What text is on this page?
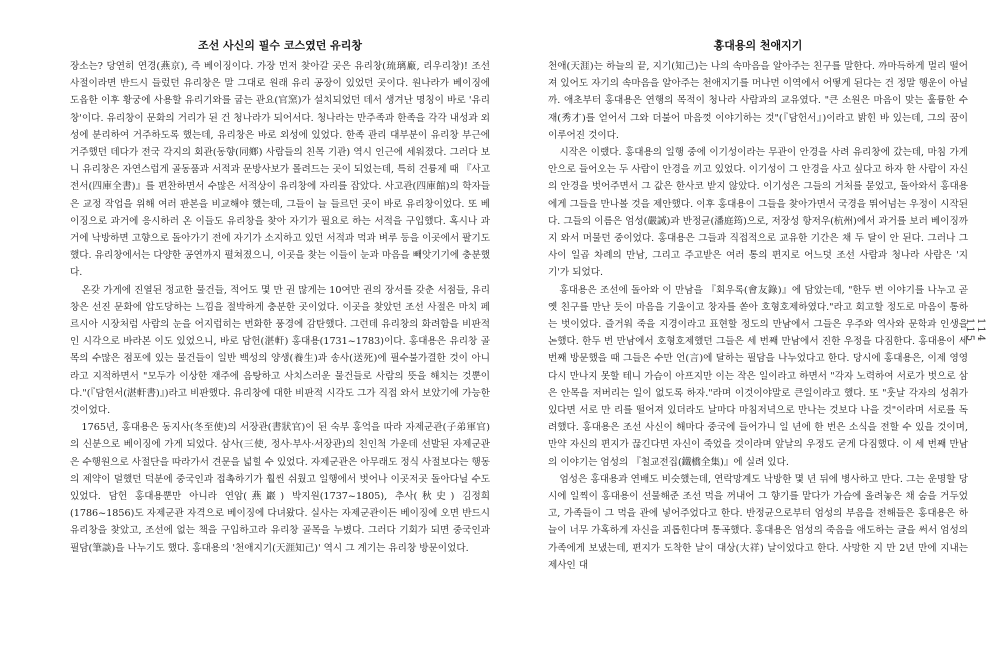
조선 사신의 필수 코스였던 유리창

장소는? 당연히 연경(燕京), 즉 베이징이다. 가장 먼저 찾아갈 곳은 유리창(琉璃廠, 리우리창)! 조선 사절이라면 반드시 들렀던 유리창은 말 그대로 원래 유리 공장이 있었던 곳이다. 원나라가 베이징에 도읍한 이후 황궁에 사용할 유리기와를 굽는 관요(官窯)가 설치되었던 데서 생겨난 명칭이 바로 '유리창'이다. 유리창이 문화의 거리가 된 건 청나라가 되어서다. 청나라는 만주족과 한족을 각각 내성과 외성에 분리하여 거주하도록 했는데, 유리창은 바로 외성에 있었다. 한족 관리 대부분이 유리창 부근에 거주했던 데다가 전국 각지의 회관(동향(同鄉) 사람들의 친목 기관) 역시 인근에 세워졌다. 그러다 보니 유리창은 자연스럽게 골동품과 서적과 문방사보가 몰려드는 곳이 되었는데, 특히 건륭제 때 『사고전서(四庫全書)』를 편찬하면서 수많은 서적상이 유리창에 자리를 잡았다. 사고관(四庫館)의 학자들은 교정 작업을 위해 여러 판본을 비교해야 했는데, 그들이 늘 들르던 곳이 바로 유리창이었다. 또 베이징으로 과거에 응시하러 온 이들도 유리창을 찾아 자기가 필요로 하는 서적을 구입했다. 혹시나 과거에 낙방하면 고향으로 돌아가기 전에 자기가 소지하고 있던 서적과 먹과 벼루 등을 이곳에서 팔기도 했다. 유리창에서는 다양한 공연까지 펼쳐졌으니, 이곳을 찾는 이들이 눈과 마음을 빼앗기기에 충분했다.

온갖 가게에 진열된 정교한 물건들, 적어도 몇 만 권 많게는 10여만 권의 장서를 갖춘 서점들, 유리창은 선진 문화에 압도당하는 느낌을 절박하게 충분한 곳이었다. 이곳을 찾았던 조선 사절은 마치 페르시아 시장처럼 사람의 눈을 어지럽히는 번화한 풍경에 감탄했다. 그런데 유리창의 화려함을 비판적인 시각으로 바라본 이도 있었으니, 바로 담헌(湛軒) 홍대용(1731~1783)이다. 홍대용은 유리창 골목의 수많은 점포에 있는 물건들이 일반 백성의 양생(養生)과 송사(送死)에 필수불가결한 것이 아니라고 지적하면서 "모두가 이상한 재주에 음탕하고 사치스러운 물건들로 사람의 뜻을 해치는 것뿐이다."(『담헌서(湛軒書)』)라고 비판했다. 유리창에 대한 비판적 시각도 그가 직접 와서 보았기에 가능한 것이었다.

1765년, 홍대용은 동지사(冬至使)의 서장관(書狀官)이 된 숙부 홍억을 따라 자제군관(子弟軍官)의 신분으로 베이징에 가게 되었다. 삼사(三使, 정사·부사·서장관)의 친인척 가운데 선발된 자제군관은 수행원으로 사절단을 따라가서 견문을 넓힐 수 있었다. 자제군관은 아무래도 정식 사절보다는 행동의 제약이 덜했던 덕분에 중국인과 접촉하기가 훨씬 쉬웠고 일행에서 벗어나 이곳저곳 돌아다닐 수도 있었다. 담헌 홍대용뿐만 아니라 연암(燕巖) 박지원(1737~1805), 추사(秋史) 김정희(1786~1856)도 자제군관 자격으로 베이징에 다녀왔다. 실사는 자제군관이든 베이징에 오면 반드시 유리창을 찾았고, 조선에 없는 책을 구입하고라 유리창 골목을 누볐다. 그러다 기회가 되면 중국인과 필담(筆談)을 나누기도 했다. 홍대용의 '천애지기(天涯知己)' 역시 그 계기는 유리창 방문이었다.

홍대용의 천애지기

천애(天涯)는 하늘의 끝, 지기(知己)는 나의 속마음을 알아주는 친구를 말한다. 까마득하게 멀리 떨어져 있어도 자기의 속마음을 알아주는 천애지기를 머나먼 이역에서 어떻게 된다는 건 정말 행운이 아닐까. 애초부터 홍대용은 연행의 목적이 청나라 사람과의 교유였다. "큰 소원은 마음이 맞는 훌륭한 수재(秀才)를 얻어서 그와 더불어 마음껏 이야기하는 것"(『담헌서』)이라고 밝힌 바 있는데, 그의 꿈이 이루어진 것이다.

시작은 이랬다. 홍대용의 일행 중에 이기성이라는 무관이 안경을 사려 유리창에 갔는데, 마침 가게 안으로 들어오는 두 사람이 안경을 끼고 있었다. 이기성이 그 안경을 사고 싶다고 하자 한 사람이 자신의 안경을 벗어주면서 그 값은 한사코 받지 않았다. 이기성은 그들의 거처를 묻었고, 돌아와서 홍대용에게 그들을 만나볼 것을 제안했다. 이후 홍대용이 그들을 찾아가면서 국경을 뛰어넘는 우정이 시작된다. 그들의 이름은 엄성(嚴誠)과 반정균(潘庭筠)으로, 저장성 항저우(杭州)에서 과거를 보러 베이징까지 와서 머물던 중이었다. 홍대용은 그들과 직접적으로 교유한 기간은 채 두 달이 안 된다. 그러나 그 사이 일곱 차례의 만남, 그리고 주고받은 여러 통의 편지로 어느덧 조선 사람과 청나라 사람은 '지기'가 되었다.

홍대용은 조선에 돌아와 이 만남을 『회우록(會友錄)』에 담았는데, "한두 번 이야기를 나누고 곧 옛 친구를 만난 듯이 마음을 기울이고 창자를 쏟아 호형호제하였다."라고 회고할 정도로 마음이 통하는 벗이었다. 즐거워 죽을 지경이라고 표현할 정도의 만남에서 그들은 우주와 역사와 문학과 인생을 논했다. 한두 번 만남에서 호형호제했던 그들은 세 번째 만남에서 진한 우정을 다짐한다. 홍대용이 세 번째 방문했을 때 그들은 수만 언(言)에 달하는 필담을 나누었다고 한다. 당시에 홍대용은, 이제 영영 다시 만나지 못할 테니 가슴이 아프지만 이는 작은 일이라고 하면서 "각자 노력하여 서로가 벗으로 삼은 안목을 저버리는 일이 없도록 하자."라며 이것이야말로 큰일이라고 했다. 또 "훗날 각자의 성취가 있다면 서로 만 리를 떨어져 있더라도 날마다 마침저녁으로 만나는 것보다 나을 것"이라며 서로를 독려했다. 홍대용은 조선 사신이 해마다 중국에 들어가니 일 년에 한 번은 소식을 전할 수 있을 것이며, 만약 자신의 편지가 끊긴다면 자신이 죽었을 것이라며 앞날의 우정도 굳게 다짐했다. 이 세 번째 만남의 이야기는 엄성의 『철교전집(鐵橋全集)』에 실려 있다.

엄성은 홍대용과 연배도 비슷했는데, 연락망계도 낙방한 몇 년 뒤에 병사하고 만다. 그는 운명할 당시에 일찍이 홍대용이 선물해준 조선 먹을 꺼내어 그 향기를 맡다가 가슴에 올려놓은 채 숨을 거두었고, 가족들이 그 먹을 관에 넣어주었다고 한다. 반정균으로부터 엄성의 부음을 전해들은 홍대용은 하늘이 너무 가혹하게 자신을 괴롭힌다며 통곡했다. 홍대용은 엄성의 죽음을 애도하는 글을 써서 엄성의 가족에게 보냈는데, 편지가 도착한 날이 대상(大祥) 날이었다고 한다. 사망한 지 만 2년 만에 지내는 제사인 대

114
115
